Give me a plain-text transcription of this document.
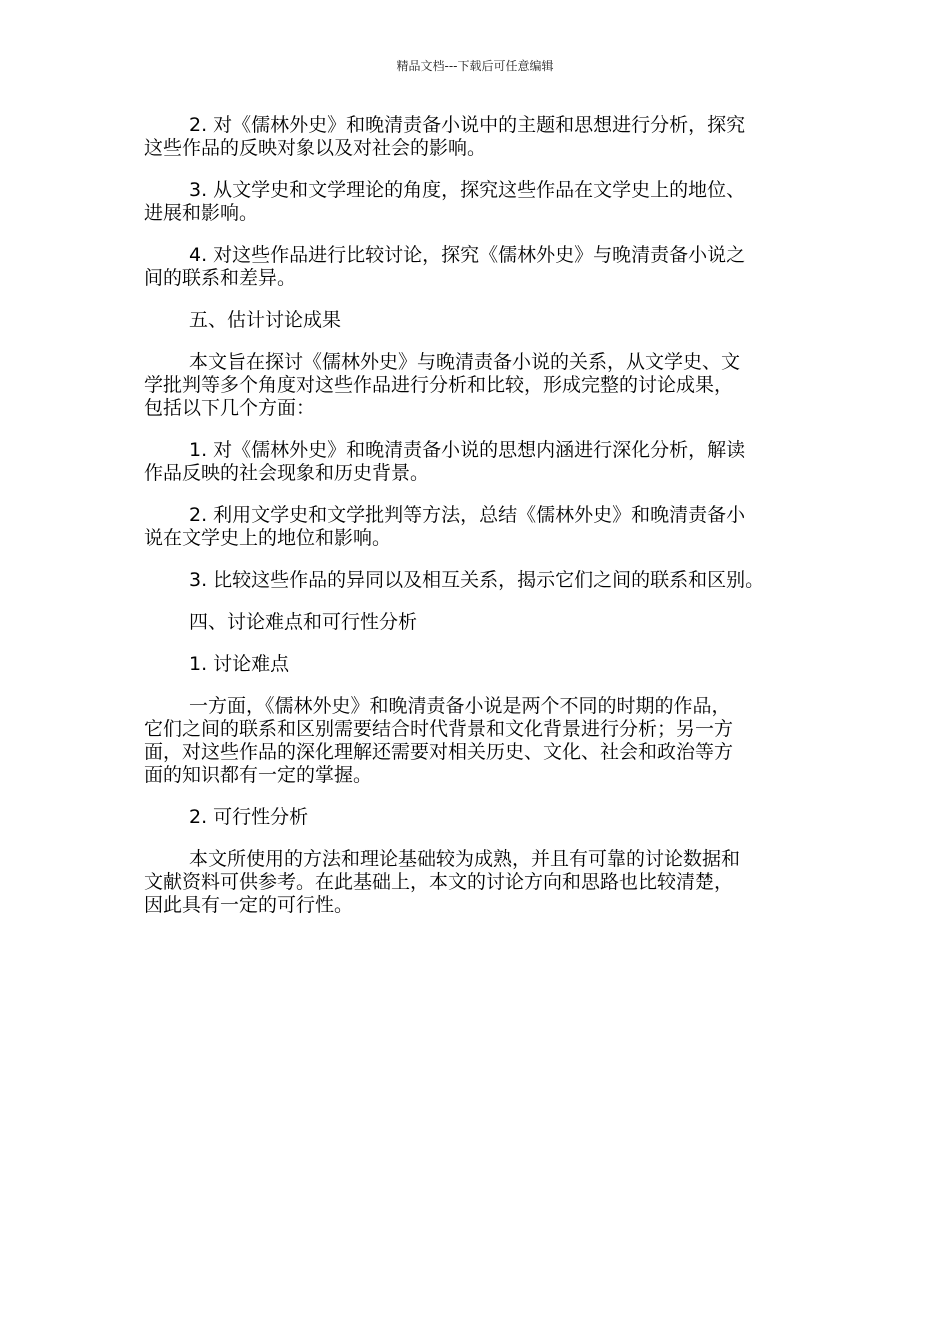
精品文档---下载后可任意编辑

2. 对《儒林外史》和晚清责备小说中的主题和思想进行分析，探究
这些作品的反映对象以及对社会的影响。

3. 从文学史和文学理论的角度，探究这些作品在文学史上的地位、
进展和影响。

4. 对这些作品进行比较讨论，探究《儒林外史》与晚清责备小说之
间的联系和差异。

五、估计讨论成果

本文旨在探讨《儒林外史》与晚清责备小说的关系，从文学史、文
学批判等多个角度对这些作品进行分析和比较，形成完整的讨论成果，
包括以下几个方面：

1. 对《儒林外史》和晚清责备小说的思想内涵进行深化分析，解读
作品反映的社会现象和历史背景。

2. 利用文学史和文学批判等方法，总结《儒林外史》和晚清责备小
说在文学史上的地位和影响。

3. 比较这些作品的异同以及相互关系，揭示它们之间的联系和区别。

四、讨论难点和可行性分析

1. 讨论难点

一方面，《儒林外史》和晚清责备小说是两个不同的时期的作品，
它们之间的联系和区别需要结合时代背景和文化背景进行分析；另一方
面，对这些作品的深化理解还需要对相关历史、文化、社会和政治等方
面的知识都有一定的掌握。

2. 可行性分析

本文所使用的方法和理论基础较为成熟，并且有可靠的讨论数据和
文献资料可供参考。在此基础上，本文的讨论方向和思路也比较清楚，
因此具有一定的可行性。
